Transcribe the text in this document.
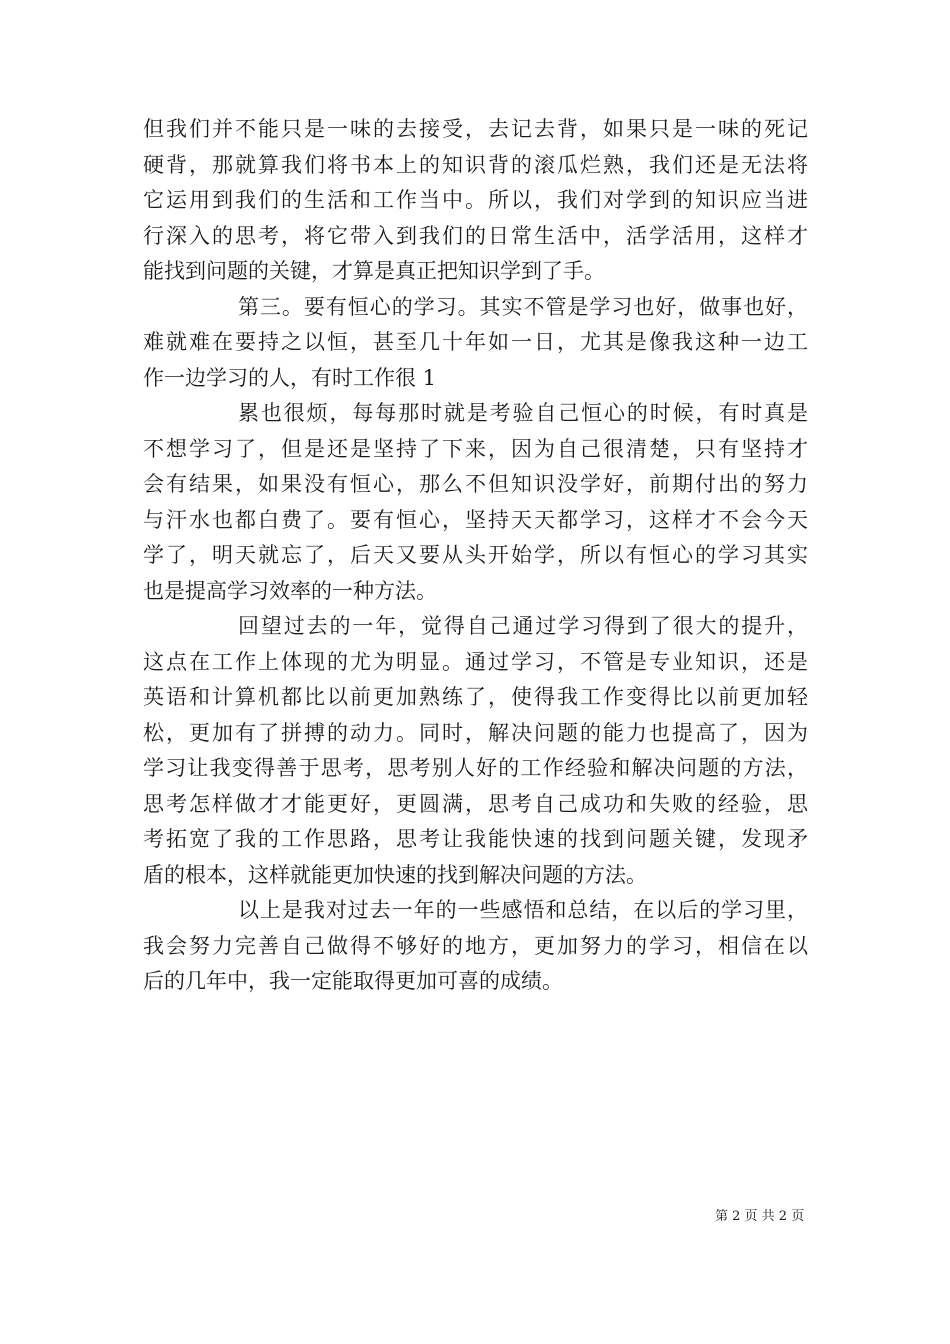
但我们并不能只是一味的去接受，去记去背，如果只是一味的死记
硬背，那就算我们将书本上的知识背的滚瓜烂熟，我们还是无法将
它运用到我们的生活和工作当中。所以，我们对学到的知识应当进
行深入的思考，将它带入到我们的日常生活中，活学活用，这样才
能找到问题的关键，才算是真正把知识学到了手。
第三。要有恒心的学习。其实不管是学习也好，做事也好，
难就难在要持之以恒，甚至几十年如一日，尤其是像我这种一边工
作一边学习的人，有时工作很 1
累也很烦，每每那时就是考验自己恒心的时候，有时真是
不想学习了，但是还是坚持了下来，因为自己很清楚，只有坚持才
会有结果，如果没有恒心，那么不但知识没学好，前期付出的努力
与汗水也都白费了。要有恒心，坚持天天都学习，这样才不会今天
学了，明天就忘了，后天又要从头开始学，所以有恒心的学习其实
也是提高学习效率的一种方法。
回望过去的一年，觉得自己通过学习得到了很大的提升，
这点在工作上体现的尤为明显。通过学习，不管是专业知识，还是
英语和计算机都比以前更加熟练了，使得我工作变得比以前更加轻
松，更加有了拼搏的动力。同时，解决问题的能力也提高了，因为
学习让我变得善于思考，思考别人好的工作经验和解决问题的方法，
思考怎样做才才能更好，更圆满，思考自己成功和失败的经验，思
考拓宽了我的工作思路，思考让我能快速的找到问题关键，发现矛
盾的根本，这样就能更加快速的找到解决问题的方法。
以上是我对过去一年的一些感悟和总结，在以后的学习里，
我会努力完善自己做得不够好的地方，更加努力的学习，相信在以
后的几年中，我一定能取得更加可喜的成绩。
第 2 页 共 2 页
